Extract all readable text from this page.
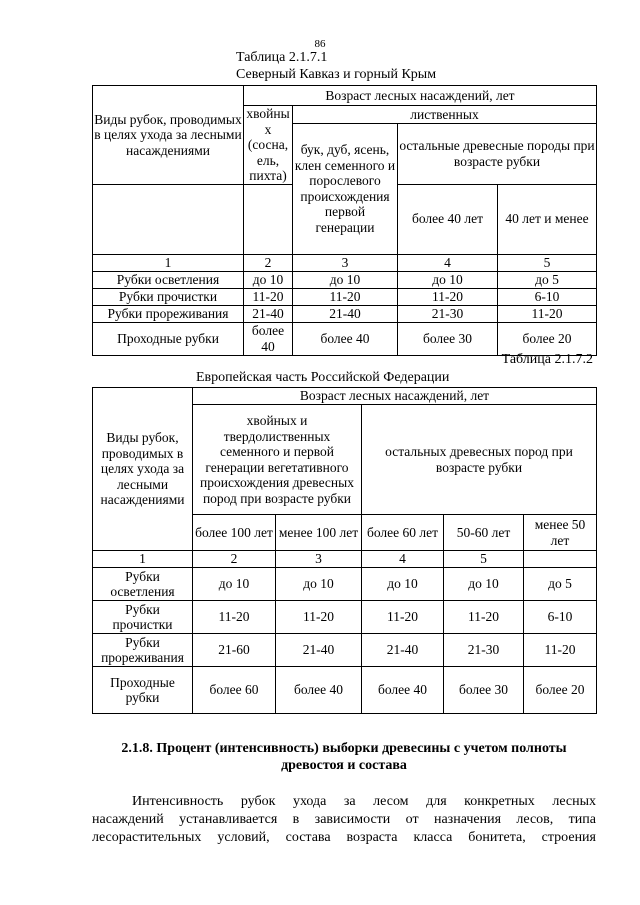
86
Таблица 2.1.7.1
Северный Кавказ и горный Крым
Виды рубок, проводимых в целях ухода за лесными насаждениями	Возраст лесных насаждений, лет			
	хвойны х (сосна, ель, пихта)	лиственных		
		бук, дуб, ясень, клен семенного и порослевого происхождения первой генерации	остальные древесные породы при возрасте рубки	
			более 40 лет	40 лет и менее
1	2	3	4	5
Рубки осветления	до 10	до 10	до 10	до 5
Рубки прочистки	11-20	11-20	11-20	6-10
Рубки прореживания	21-40	21-40	21-30	11-20
Проходные рубки	более 40	более 40	более 30	более 20
Таблица 2.1.7.2
Европейская часть Российской Федерации
Виды рубок, проводимых в целях ухода за лесными насаждениями	Возраст лесных насаждений, лет				
	хвойных и твердолиственных семенного и первой генерации вегетативного происхождения древесных пород при возрасте рубки		остальных древесных пород при возрасте рубки		
	более 100 лет	менее 100 лет	более 60 лет	50-60 лет	менее 50 лет
1	2	3	4	5	
Рубки осветления	до 10	до 10	до 10	до 10	до 5
Рубки прочистки	11-20	11-20	11-20	11-20	6-10
Рубки прореживания	21-60	21-40	21-40	21-30	11-20
Проходные рубки	более 60	более 40	более 40	более 30	более 20
2.1.8. Процент (интенсивность) выборки древесины с учетом полноты древостоя и состава
Интенсивность рубок ухода за лесом для конкретных лесных
насаждений устанавливается в зависимости от назначения лесов, типа
лесорастительных условий, состава возраста класса бонитета, строения
